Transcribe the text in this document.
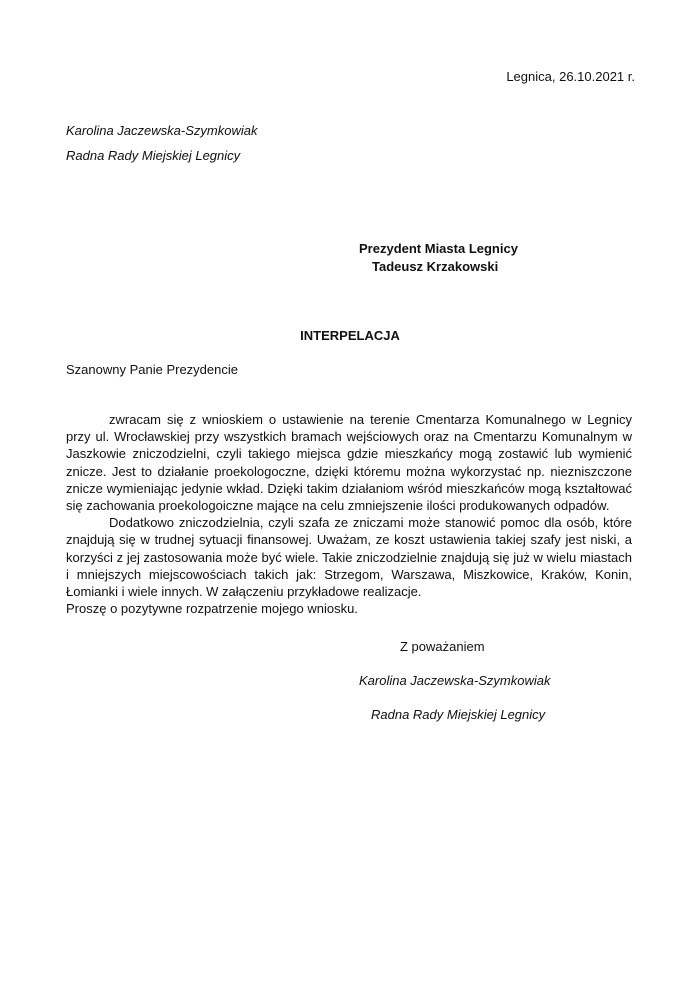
Legnica, 26.10.2021 r.
Karolina Jaczewska-Szymkowiak
Radna Rady Miejskiej Legnicy
Prezydent Miasta Legnicy
Tadeusz Krzakowski
INTERPELACJA
Szanowny Panie Prezydencie

zwracam się z wnioskiem o ustawienie na terenie Cmentarza Komunalnego w Legnicy przy ul. Wrocławskiej przy wszystkich bramach wejściowych oraz na Cmentarzu Komunalnym w Jaszkowie zniczodzielni, czyli takiego miejsca gdzie mieszkańcy mogą zostawić lub wymienić znicze. Jest to działanie proekologoczne, dzięki któremu można wykorzystać np. niezniszczone znicze wymieniając jedynie wkład. Dzięki takim działaniom wśród mieszkańców mogą kształtować się zachowania proekologoiczne mające na celu zmniejszenie ilości produkowanych odpadów.

Dodatkowo zniczodzielnia, czyli szafa ze zniczami może stanowić pomoc dla osób, które znajdują się w trudnej sytuacji finansowej. Uważam, ze koszt ustawienia takiej szafy jest niski, a korzyści z jej zastosowania może być wiele. Takie zniczodzielnie znajdują się już w wielu miastach i mniejszych miejscowościach takich jak: Strzegom, Warszawa, Miszkowice, Kraków, Konin, Łomianki i wiele innych. W załączeniu przykładowe realizacje.

Proszę o pozytywne rozpatrzenie mojego wniosku.

Z poważaniem
Karolina Jaczewska-Szymkowiak
Radna Rady Miejskiej Legnicy
